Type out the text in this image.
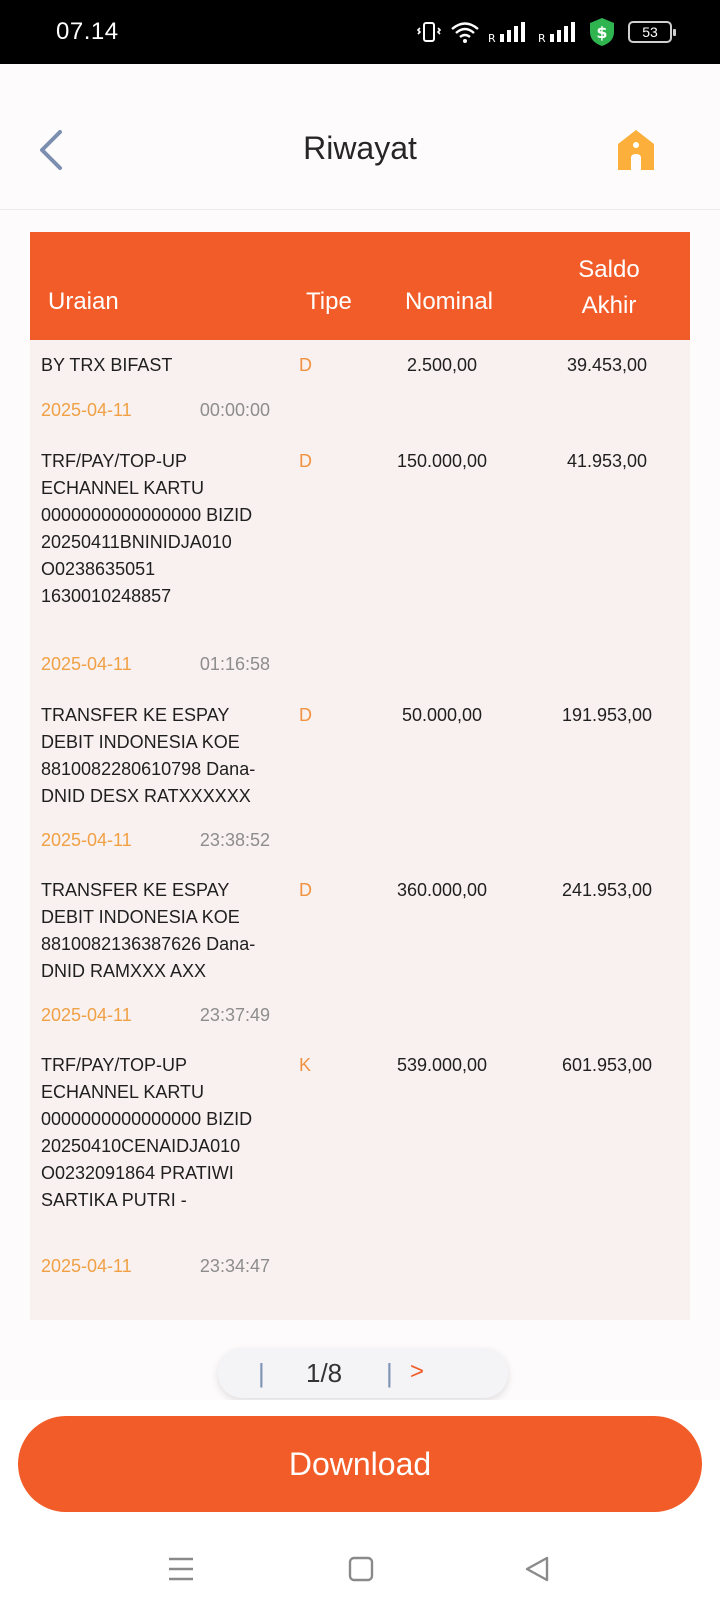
07.14	R	R	$	53
Riwayat
Uraian	Tipe	Nominal
Saldo
Akhir
BY TRX BIFAST	D	2.500,00	39.453,00
2025-04-11	00:00:00
TRF/PAY/TOP-UP ECHANNEL KARTU 0000000000000000 BIZID 20250411BNINIDJA010 O0238635051 1630010248857
D	150.000,00	41.953,00
2025-04-11	01:16:58
TRANSFER KE ESPAY DEBIT INDONESIA KOE 8810082280610798 Dana-DNID DESX RATXXXXXX
D	50.000,00	191.953,00
2025-04-11	23:38:52
TRANSFER KE ESPAY DEBIT INDONESIA KOE 8810082136387626 Dana-DNID RAMXXX AXX
D	360.000,00	241.953,00
2025-04-11	23:37:49
TRF/PAY/TOP-UP ECHANNEL KARTU 0000000000000000 BIZID 20250410CENAIDJA010 O0232091864 PRATIWI SARTIKA PUTRI -
K	539.000,00	601.953,00
2025-04-11	23:34:47
| 1/8 | >
Download
